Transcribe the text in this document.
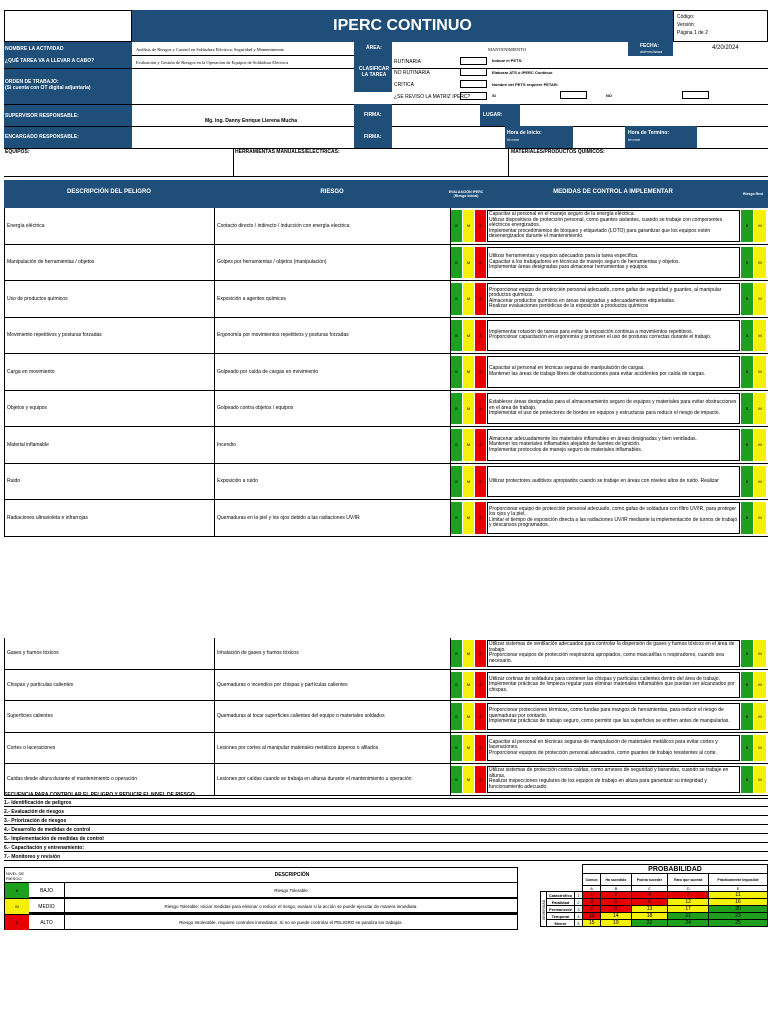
IPERC CONTINUO	Código:
Versión:
Página 1 de 2
NOMBRE LA ACTIVIDAD	Análisis de Riesgos y Control en Soldadura Eléctrica: Seguridad y Mantenimiento
¿QUÉ TAREA VA A LLEVAR A CABO?	Evaluación y Gestión de Riesgos en la Operación de Equipos de Soldadura Eléctrica
ÁREA:	MANTENIMIENTO
FECHA:
dd/mm/aaaa
4/20/2024
CLASIFICAR LA TAREA
RUTINARIA
NO RUTINARIA
CRITICA
¿SE REVISO LA MATRIZ IPERC?
Indicar el PETS:
Elaborar ATS ó IPERC Continuo
Nombre del PETS requiere PETAR:
SI	NO
ORDEN DE TRABAJO:
(Si cuenta con OT digital adjuntarla)
SUPERVISOR RESPONSABLE:
Mg. Ing. Danny Enrique Llerena Mucha
FIRMA:	LUGAR:
ENCARGADO RESPONSABLE:	FIRMA:
Hora de Inicio:
hh:mm
Hora de Termino:
hh:mm
EQUIPOS:	HERRAMIENTAS MANUALES/ELECTRICAS:	MATERIALES/PRODUCTOS QUIMICOS:
DESCRIPCIÓN DEL PELIGRO	RIESGO	EVALUACIÓN IPERC (Riesgo Inicial)
MEDIDAS DE CONTROL A IMPLEMENTAR	Riesgo Resi
Energía eléctrica	Contacto directo / indirecto / inducción con energía electrica	B	M	A
Capacitar al personal en el manejo seguro de la energía eléctrica.
Utilizar dispositivos de protección personal, como guantes aislantes, cuando se trabaje con componentes eléctricos energizados.
Implementar procedimientos de bloqueo y etiquetado (LOTO) para garantizar que los equipos estén desenergizados durante el mantenimiento.
B	M
Manipulación de herramientas / objetos	Golpes por herramientas / objetos (manipulación)	B	M	A
Utilizar herramientas y equipos adecuados para la tarea específica.
Capacitar a los trabajadores en técnicas de manejo seguro de herramientas y objetos.
Implementar áreas designadas para almacenar herramientas y equipos.
B	M
Uso de productos químicos	Exposición a agentes químicos	B	M	A
Proporcionar equipo de protección personal adecuado, como gafas de seguridad y guantes, al manipular productos químicos.
Almacenar productos químicos en áreas designadas y adecuadamente etiquetadas.
Realizar evaluaciones periódicas de la exposición a productos químicos
B	M
Movimiento repetitivos y posturas forzadas	Ergonomía por movimientos repetitivos y posturas forzadas	B	M	A
Implementar rotación de tareas para evitar la exposición continua a movimientos repetitivos.
Proporcionar capacitación en ergonomía y promover el uso de posturas correctas durante el trabajo.	B	M
Carga en movimiento	Golpeado por caída de cargas en movimiento	B	M	A
Capacitar al personal en técnicas seguras de manipulación de cargas.
Mantener las áreas de trabajo libres de obstrucciones para evitar accidentes por caída de cargas.	B	M
Objetos y equipos	Golpeado contra objetos / equipos	B	M	A
Establecer áreas designadas para el almacenamiento seguro de equipos y materiales para evitar obstrucciones en el área de trabajo.
Implementar el uso de protectores de bordes en equipos y estructuras para reducir el riesgo de impacto.
B	M
Material inflamable	Incendio	B	M	A
Almacenar adecuadamente los materiales inflamables en áreas designadas y bien ventiladas.
Mantener los materiales inflamables alejados de fuentes de ignición.
Implementar protocolos de manejo seguro de materiales inflamables.
B	M
Ruido	Exposición a ruido	B	M	A	Utilizar protectores auditivos apropiados cuando se trabaje en áreas con niveles altos de ruido. Realizar	B	M
Radiaciones ultravioleta e infrarrojas	Quemaduras en la piel y los ojos debido a las radiaciones UV/IR	B	M	A
Proporcionar equipo de protección personal adecuado, como gafas de soldadura con filtro UV/IR, para proteger los ojos y la piel.
Limitar el tiempo de exposición directa a las radiaciones UV/IR mediante la implementación de turnos de trabajo y descansos programados.
B	M
Gases y humos tóxicos	Inhalación de gases y humos tóxicos	B	M	A
Utilizar sistemas de ventilación adecuados para controlar la dispersión de gases y humos tóxicos en el área de trabajo.
Proporcionar equipos de protección respiratoria apropiados, como mascarillas o respiradores, cuando sea necesario.
B	M
Chispas y partículas calientes	Quemaduras o incendios por chispas y partículas calientes	B	M	A
Utilizar cortinas de soldadura para contener las chispas y partículas calientes dentro del área de trabajo.
Implementar prácticas de limpieza regular para eliminar materiales inflamables que puedan ser alcanzados por chispas.
B	M
Superficies calientes	Quemaduras al tocar superficies calientes del equipo o materiales soldados	B	M	A
Proporcionar protecciones térmicas, como fundas para mangos de herramientas, para reducir el riesgo de quemaduras por contacto.
Implementar prácticas de trabajo seguro, como permitir que las superficies se enfríen antes de manipularlas.
B	M
Cortes o laceraciones	Lesiones por cortes al manipular materiales metálicos ásperos o afilados	B	M	A
Capacitar al personal en técnicas seguras de manipulación de materiales metálicos para evitar cortes y laceraciones.
Proporcionar equipos de protección personal adecuados, como guantes de trabajo resistentes al corte.
B	M
Caídas desde altura durante el mantenimiento o operación	Lesiones por caídas cuando se trabaja en alturas durante el mantenimiento u operación	B	M	A
Utilizar sistemas de protección contra caídas, como arneses de seguridad y barandas, cuando se trabaje en alturas.
Realizar inspecciones regulares de los equipos de trabajo en altura para garantizar su integridad y funcionamiento adecuado.
B	M
SECUENCIA PARA CONTROLAR EL PELIGRO Y REDUCIR EL NIVEL DE RIESGO
1.- Identificación de peligros
2.- Evaluación de riesgos
3.- Priorización de riesgos
4.- Desarrollo de medidas de control
5.- Implementación de medidas de control
6.- Capacitación y entrenamiento:
7.- Monitoreo y revisión
NIVEL DE RIESGO
DESCRIPCIÓN
B	BAJO	Riesgo Tolerable
M	MEDIO	Riesgo Tolerable; Iniciar medidas para eliminar o reducir el riesgo, evaluar si la acción se puede ejecutar de manera inmediata.
A	ALTO	Riesgo Intolerable, requiere controles inmediatos. Si no se puede controlar el PELIGRO se paraliza los trabajos.
			PROBABILIDAD				
			Común	Ha sucedido	Podría suceder	Raro que suceda	Prácticamente imposible
			A	B	C	D	E
SEVERIDAD	Catastrófico	1	1	2	4	7	11
	Fatalidad	2	3	5	8	12	16
	Permanente	3	6	9	13	17	20
	Temporal	4	10	14	18	21	23
	Menor	5	15	19	22	24	25
